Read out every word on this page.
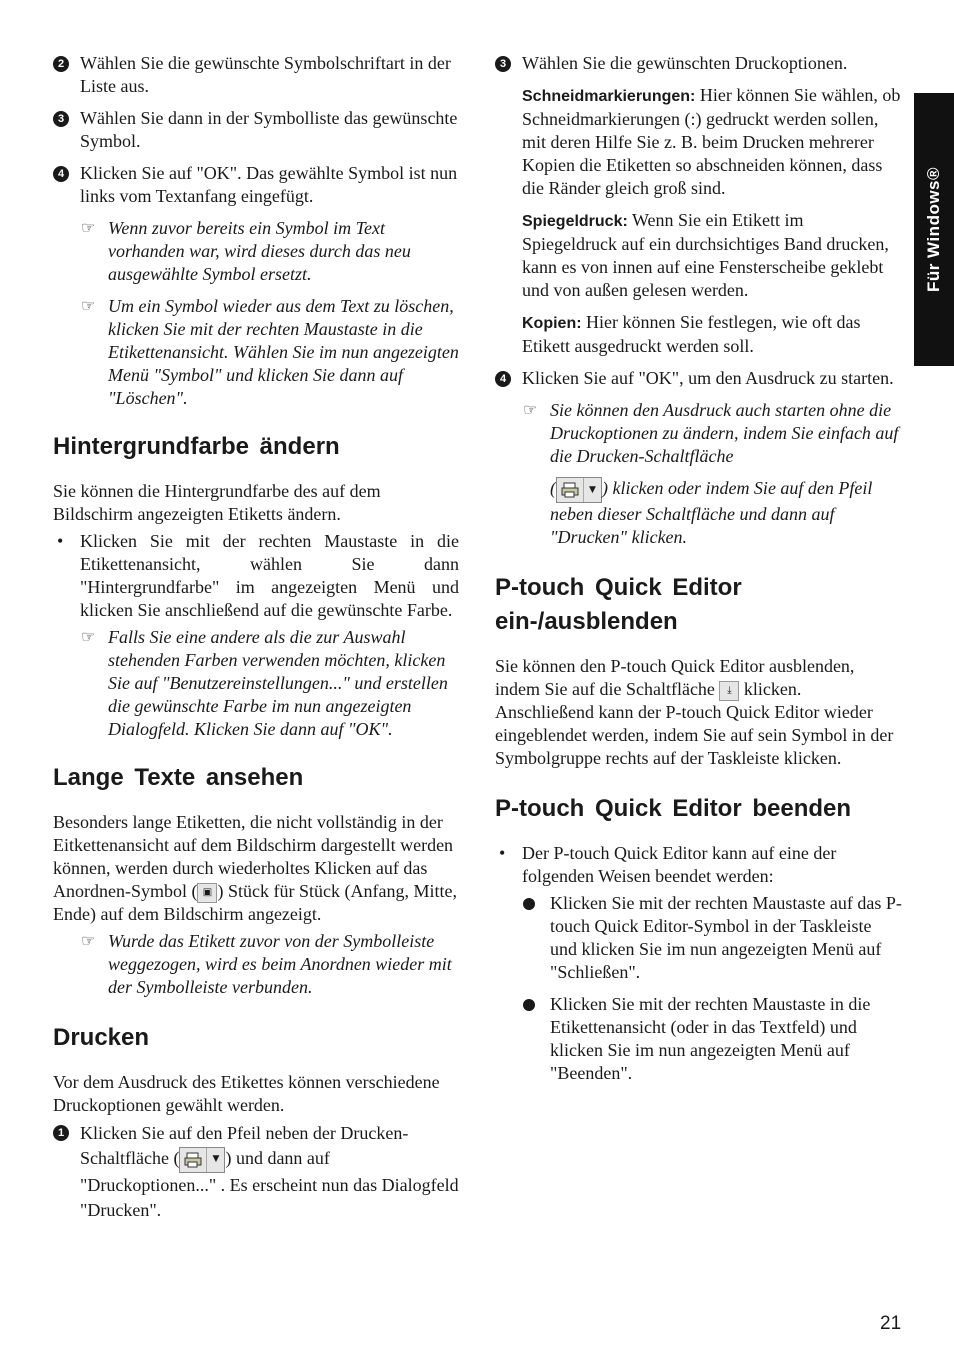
Für Windows®
2 Wählen Sie die gewünschte Symbolschriftart in der Liste aus.
3 Wählen Sie dann in der Symbolliste das gewünschte Symbol.
4 Klicken Sie auf "OK". Das gewählte Symbol ist nun links vom Textanfang eingefügt.
☞ Wenn zuvor bereits ein Symbol im Text vorhanden war, wird dieses durch das neu ausgewählte Symbol ersetzt.
☞ Um ein Symbol wieder aus dem Text zu löschen, klicken Sie mit der rechten Maustaste in die Etikettenansicht. Wählen Sie im nun angezeigten Menü "Symbol" und klicken Sie dann auf "Löschen".
Hintergrundfarbe ändern
Sie können die Hintergrundfarbe des auf dem Bildschirm angezeigten Etiketts ändern.
• Klicken Sie mit der rechten Maustaste in die Etikettenansicht, wählen Sie dann "Hintergrundfarbe" im angezeigten Menü und klicken Sie anschließend auf die gewünschte Farbe.
☞ Falls Sie eine andere als die zur Auswahl stehenden Farben verwenden möchten, klicken Sie auf "Benutzereinstellungen..." und erstellen die gewünschte Farbe im nun angezeigten Dialogfeld. Klicken Sie dann auf "OK".
Lange Texte ansehen
Besonders lange Etiketten, die nicht vollständig in der Eitkettenansicht auf dem Bildschirm dargestellt werden können, werden durch wiederholtes Klicken auf das Anordnen-Symbol ( ▣ ) Stück für Stück (Anfang, Mitte, Ende) auf dem Bildschirm angezeigt.
☞ Wurde das Etikett zuvor von der Symbolleiste weggezogen, wird es beim Anordnen wieder mit der Symbolleiste verbunden.
Drucken
Vor dem Ausdruck des Etikettes können verschiedene Druckoptionen gewählt werden.
1 Klicken Sie auf den Pfeil neben der Drucken-Schaltfläche (	▼ ) und dann auf "Druckoptionen..." . Es erscheint nun das Dialogfeld "Drucken".
3 Wählen Sie die gewünschten Druckoptionen.
Schneidmarkierungen: Hier können Sie wählen, ob Schneidmarkierungen (:) gedruckt werden sollen, mit deren Hilfe Sie z. B. beim Drucken mehrerer Kopien die Etiketten so abschneiden können, dass die Ränder gleich groß sind.
Spiegeldruck: Wenn Sie ein Etikett im Spiegeldruck auf ein durchsichtiges Band drucken, kann es von innen auf eine Fensterscheibe geklebt und von außen gelesen werden.
Kopien: Hier können Sie festlegen, wie oft das Etikett ausgedruckt werden soll.
4 Klicken Sie auf "OK", um den Ausdruck zu starten.
☞ Sie können den Ausdruck auch starten ohne die Druckoptionen zu ändern, indem Sie einfach auf die Drucken-Schaltfläche
(	▼ ) klicken oder indem Sie auf den Pfeil neben dieser Schaltfläche und dann auf "Drucken" klicken.
P-touch Quick Editor ein-/ausblenden
Sie können den P-touch Quick Editor ausblenden, indem Sie auf die Schaltfläche ⤓ klicken. Anschließend kann der P-touch Quick Editor wieder eingeblendet werden, indem Sie auf sein Symbol in der Symbolgruppe rechts auf der Taskleiste klicken.
P-touch Quick Editor beenden
• Der P-touch Quick Editor kann auf eine der folgenden Weisen beendet werden:
Klicken Sie mit der rechten Maustaste auf das P-touch Quick Editor-Symbol in der Taskleiste und klicken Sie im nun angezeigten Menü auf "Schließen".
Klicken Sie mit der rechten Maustaste in die Etikettenansicht (oder in das Textfeld) und klicken Sie im nun angezeigten Menü auf "Beenden".
21
